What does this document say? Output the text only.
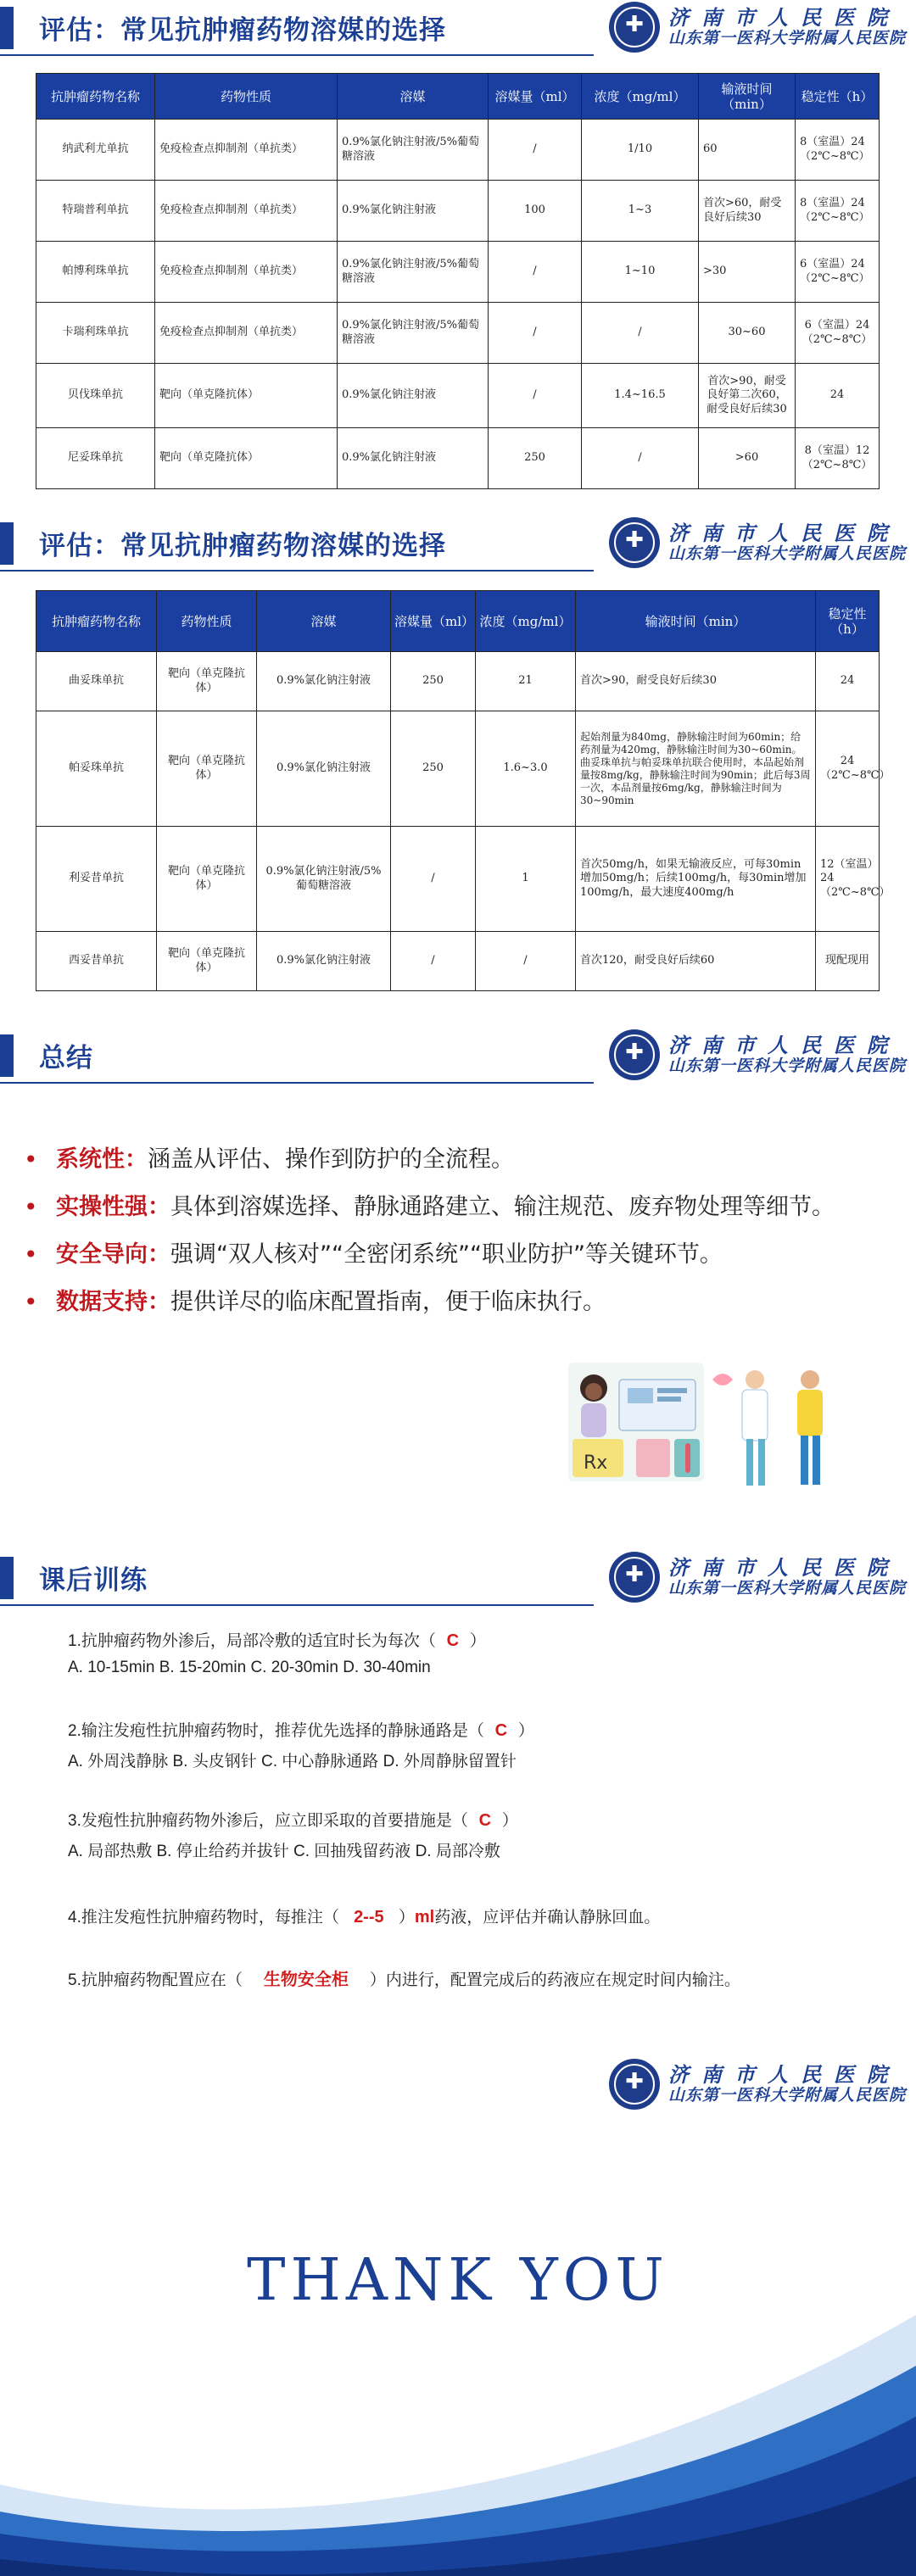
评估：常见抗肿瘤药物溶媒的选择 ✚	济南市人民医院
山东第一医科大学附属人民医院
抗肿瘤药物名称	药物性质	溶媒	溶媒量（ml）	浓度（mg/ml）	输液时间（min）	稳定性（h）
纳武利尤单抗	免疫检查点抑制剂（单抗类）	0.9%氯化钠注射液/5%葡萄糖溶液	/	1/10	60	8（室温）24（2℃~8℃）
特瑞普利单抗	免疫检查点抑制剂（单抗类）	0.9%氯化钠注射液	100	1~3	首次>60，耐受良好后续30	8（室温）24（2℃~8℃）
帕博利珠单抗	免疫检查点抑制剂（单抗类）	0.9%氯化钠注射液/5%葡萄糖溶液	/	1~10	>30	6（室温）24（2℃~8℃）
卡瑞利珠单抗	免疫检查点抑制剂（单抗类）	0.9%氯化钠注射液/5%葡萄糖溶液	/	/	30~60	6（室温）24（2℃~8℃）
贝伐珠单抗	靶向（单克隆抗体）	0.9%氯化钠注射液	/	1.4~16.5	首次>90，耐受良好第二次60，耐受良好后续30	24
尼妥珠单抗	靶向（单克隆抗体）	0.9%氯化钠注射液	250	/	>60	8（室温）12（2℃~8℃）
评估：常见抗肿瘤药物溶媒的选择 ✚	济南市人民医院
山东第一医科大学附属人民医院
抗肿瘤药物名称	药物性质	溶媒	溶媒量（ml）	浓度（mg/ml）	输液时间（min）	稳定性（h）
曲妥珠单抗	靶向（单克隆抗体）	0.9%氯化钠注射液	250	21	首次>90，耐受良好后续30	24
帕妥珠单抗	靶向（单克隆抗体）	0.9%氯化钠注射液	250	1.6~3.0	起始剂量为840mg，静脉输注时间为60min；给药剂量为420mg，静脉输注时间为30~60min。曲妥珠单抗与帕妥珠单抗联合使用时，本品起始剂量按8mg/kg，静脉输注时间为90min；此后每3周一次，本品剂量按6mg/kg，静脉输注时间为30~90min	24（2℃~8℃）
利妥昔单抗	靶向（单克隆抗体）	0.9%氯化钠注射液/5%葡萄糖溶液	/	1	首次50mg/h，如果无输液反应，可每30min增加50mg/h；后续100mg/h，每30min增加100mg/h，最大速度400mg/h	12（室温）24（2℃~8℃）
西妥昔单抗	靶向（单克隆抗体）	0.9%氯化钠注射液	/	/	首次120，耐受良好后续60	现配现用
总结 ✚	济南市人民医院
山东第一医科大学附属人民医院
• 系统性：涵盖从评估、操作到防护的全流程。
• 实操性强：具体到溶媒选择、静脉通路建立、输注规范、废弃物处理等细节。
• 安全导向：强调“双人核对”“全密闭系统”“职业防护”等关键环节。
• 数据支持：提供详尽的临床配置指南，便于临床执行。
Rx
课后训练 ✚	济南市人民医院
山东第一医科大学附属人民医院
1.抗肿瘤药物外渗后，局部冷敷的适宜时长为每次（ C ）
A. 10-15min B. 15-20min C. 20-30min D. 30-40min
2.输注发疱性抗肿瘤药物时，推荐优先选择的静脉通路是（ C ）
A. 外周浅静脉 B. 头皮钢针 C. 中心静脉通路 D. 外周静脉留置针
3.发疱性抗肿瘤药物外渗后，应立即采取的首要措施是（ C ）
A. 局部热敷 B. 停止给药并拔针 C. 回抽残留药液 D. 局部冷敷
4.推注发疱性抗肿瘤药物时，每推注（ 2--5 ）ml药液，应评估并确认静脉回血。
5.抗肿瘤药物配置应在（ 生物安全柜 ）内进行，配置完成后的药液应在规定时间内输注。
✚
济南市人民医院
山东第一医科大学附属人民医院
THANK YOU
